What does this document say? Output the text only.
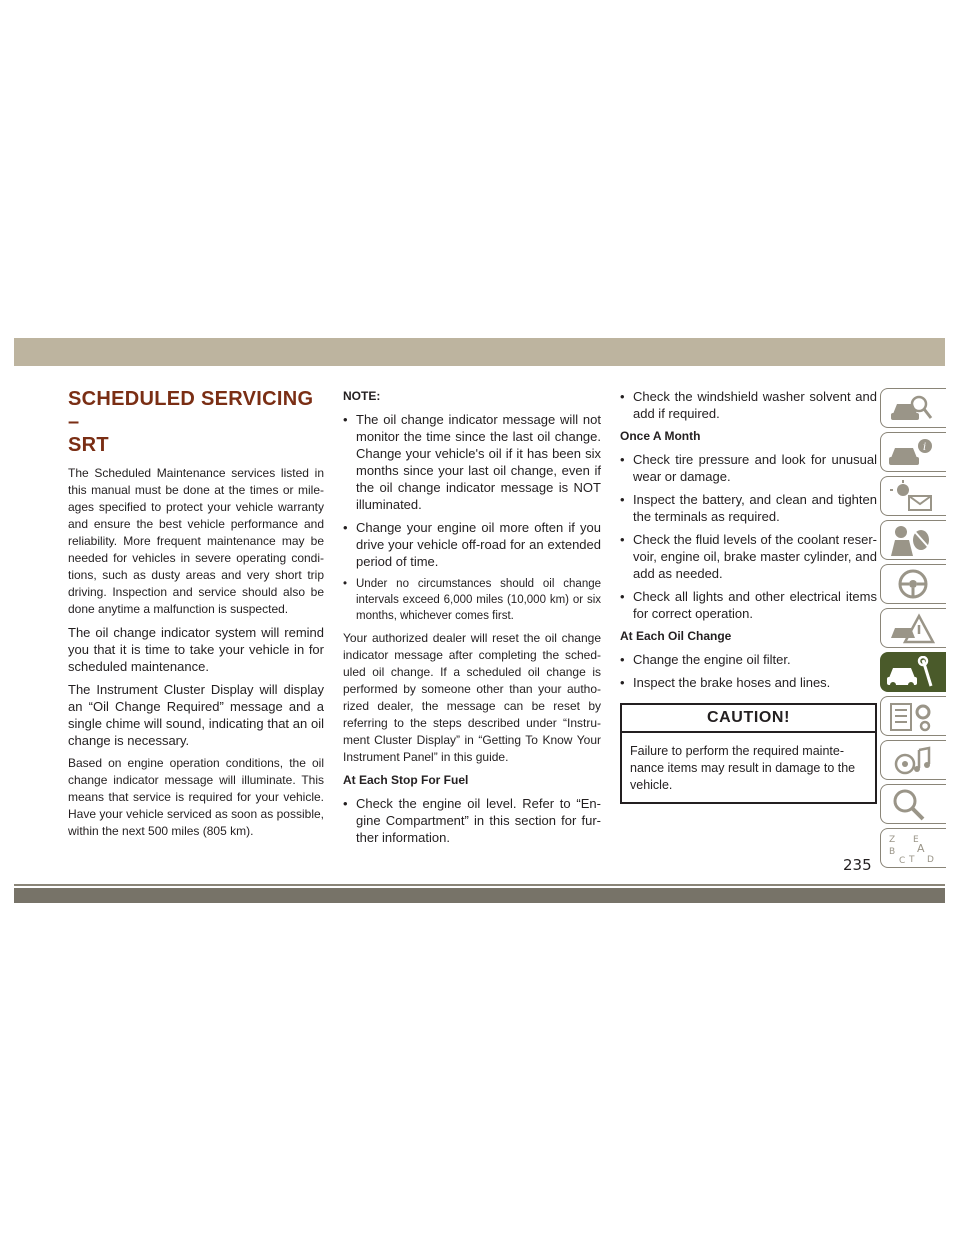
SCHEDULED SERVICING –
SRT

The Scheduled Maintenance services listed in this manual must be done at the times or mile-ages specified to protect your vehicle warranty and ensure the best vehicle performance and reliability. More frequent maintenance may be needed for vehicles in severe operating condi-tions, such as dusty areas and very short trip driving. Inspection and service should also be done anytime a malfunction is suspected.

The oil change indicator system will remind you that it is time to take your vehicle in for scheduled maintenance.

The Instrument Cluster Display will display an “Oil Change Required” message and a single chime will sound, indicating that an oil change is necessary.

Based on engine operation conditions, the oil change indicator message will illuminate. This means that service is required for your vehicle. Have your vehicle serviced as soon as possible, within the next 500 miles (805 km).

NOTE:
• The oil change indicator message will not monitor the time since the last oil change. Change your vehicle's oil if it has been six months since your last oil change, even if the oil change indicator message is NOT illuminated.
• Change your engine oil more often if you drive your vehicle off-road for an extended period of time.
• Under no circumstances should oil change intervals exceed 6,000 miles (10,000 km) or six months, whichever comes first.

Your authorized dealer will reset the oil change indicator message after completing the sched-uled oil change. If a scheduled oil change is performed by someone other than your autho-rized dealer, the message can be reset by referring to the steps described under “Instru-ment Cluster Display” in “Getting To Know Your Instrument Panel” in this guide.

At Each Stop For Fuel
• Check the engine oil level. Refer to “En-gine Compartment” in this section for fur-ther information.
• Check the windshield washer solvent and add if required.
Once A Month
• Check tire pressure and look for unusual wear or damage.
• Inspect the battery, and clean and tighten the terminals as required.
• Check the fluid levels of the coolant reser-voir, engine oil, brake master cylinder, and add as needed.
• Check all lights and other electrical items for correct operation.
At Each Oil Change
• Change the engine oil filter.
• Inspect the brake hoses and lines.
CAUTION!
Failure to perform the required mainte-nance items may result in damage to the vehicle.
i
Z E
B A
C T D
235
